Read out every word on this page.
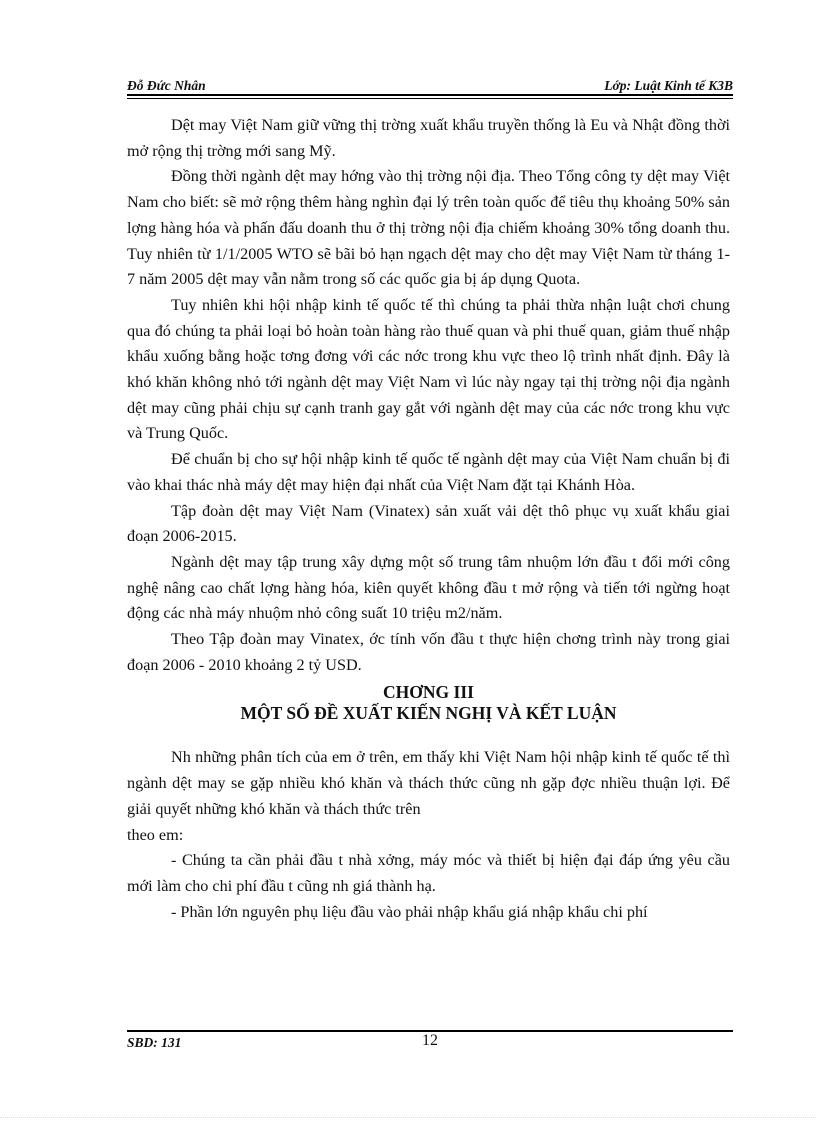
Đỗ Đức Nhân	Lớp: Luật Kinh tế K3B

Dệt may Việt Nam giữ vững thị trờng xuất khẩu truyền thống là Eu và Nhật đồng thời mở rộng thị trờng mới sang Mỹ.

Đồng thời ngành dệt may hớng vào thị trờng nội địa. Theo Tổng công ty dệt may Việt Nam cho biết: sẽ mở rộng thêm hàng nghìn đại lý trên toàn quốc để tiêu thụ khoảng 50% sản lợng hàng hóa và phấn đấu doanh thu ở thị trờng nội địa chiếm khoảng 30% tổng doanh thu. Tuy nhiên từ 1/1/2005 WTO sẽ bãi bỏ hạn ngạch dệt may cho dệt may Việt Nam từ tháng 1-7 năm 2005 dệt may vẫn nằm trong số các quốc gia bị áp dụng Quota.

Tuy nhiên khi hội nhập kinh tế quốc tế thì chúng ta phải thừa nhận luật chơi chung qua đó chúng ta phải loại bỏ hoàn toàn hàng rào thuế quan và phi thuế quan, giảm thuế nhập khẩu xuống bằng hoặc tơng đơng với các nớc trong khu vực theo lộ trình nhất định. Đây là khó khăn không nhỏ tới ngành dệt may Việt Nam vì lúc này ngay tại thị trờng nội địa ngành dệt may cũng phải chịu sự cạnh tranh gay gắt với ngành dệt may của các nớc trong khu vực và Trung Quốc.

Để chuẩn bị cho sự hội nhập kinh tế quốc tế ngành dệt may của Việt Nam chuẩn bị đi vào khai thác nhà máy dệt may hiện đại nhất của Việt Nam đặt tại Khánh Hòa.

Tập đoàn dệt may Việt Nam (Vinatex) sản xuất vải dệt thô phục vụ xuất khẩu giai đoạn 2006-2015.

Ngành dệt may tập trung xây dựng một số trung tâm nhuộm lớn đầu t đổi mới công nghệ nâng cao chất lợng hàng hóa, kiên quyết không đầu t mở rộng và tiến tới ngừng hoạt động các nhà máy nhuộm nhỏ công suất 10 triệu m2/năm.

Theo Tập đoàn may Vinatex, ớc tính vốn đầu t thực hiện chơng trình này trong giai đoạn 2006 - 2010 khoảng 2 tỷ USD.

CHƠNG III
MỘT SỐ ĐỀ XUẤT KIẾN NGHỊ VÀ KẾT LUẬN

Nh những phân tích của em ở trên, em thấy khi Việt Nam hội nhập kinh tế quốc tế thì ngành dệt may se gặp nhiều khó khăn và thách thức cũng nh gặp đợc nhiều thuận lợi. Để giải quyết những khó khăn và thách thức trên

theo em:

- Chúng ta cần phải đầu t nhà xởng, máy móc và thiết bị hiện đại đáp ứng yêu cầu mới làm cho chi phí đầu t cũng nh giá thành hạ.

- Phần lớn nguyên phụ liệu đầu vào phải nhập khẩu giá nhập khẩu chi phí

SBD: 131	12
